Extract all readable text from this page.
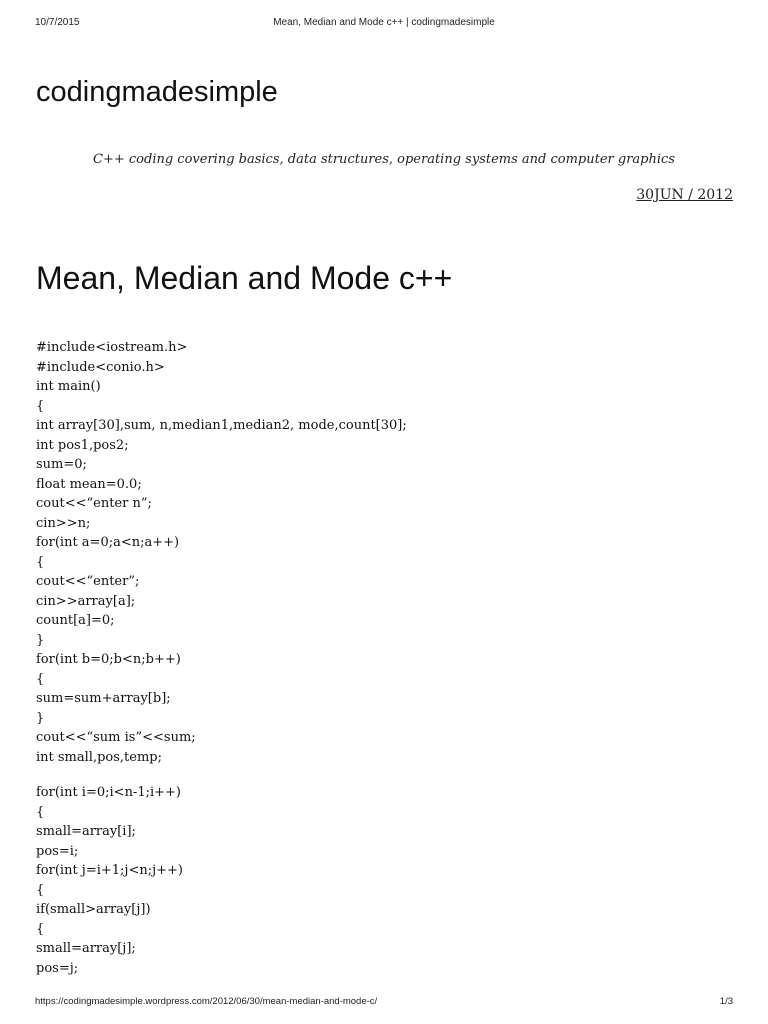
10/7/2015	Mean, Median and Mode c++ | codingmadesimple
codingmadesimple

C++ coding covering basics, data structures, operating systems and computer graphics

30JUN / 2012
Mean, Median and Mode c++
#include<iostream.h>
#include<conio.h>
int main()
{
int array[30],sum, n,median1,median2, mode,count[30];
int pos1,pos2;
sum=0;
float mean=0.0;
cout<<“enter n”;
cin>>n;
for(int a=0;a<n;a++)
{
cout<<“enter”;
cin>>array[a];
count[a]=0;
}
for(int b=0;b<n;b++)
{
sum=sum+array[b];
}
cout<<“sum is”<<sum;
int small,pos,temp;
for(int i=0;i<n-1;i++)
{
small=array[i];
pos=i;
for(int j=i+1;j<n;j++)
{
if(small>array[j])
{
small=array[j];
pos=j;
https://codingmadesimple.wordpress.com/2012/06/30/mean-median-and-mode-c/	1/3
